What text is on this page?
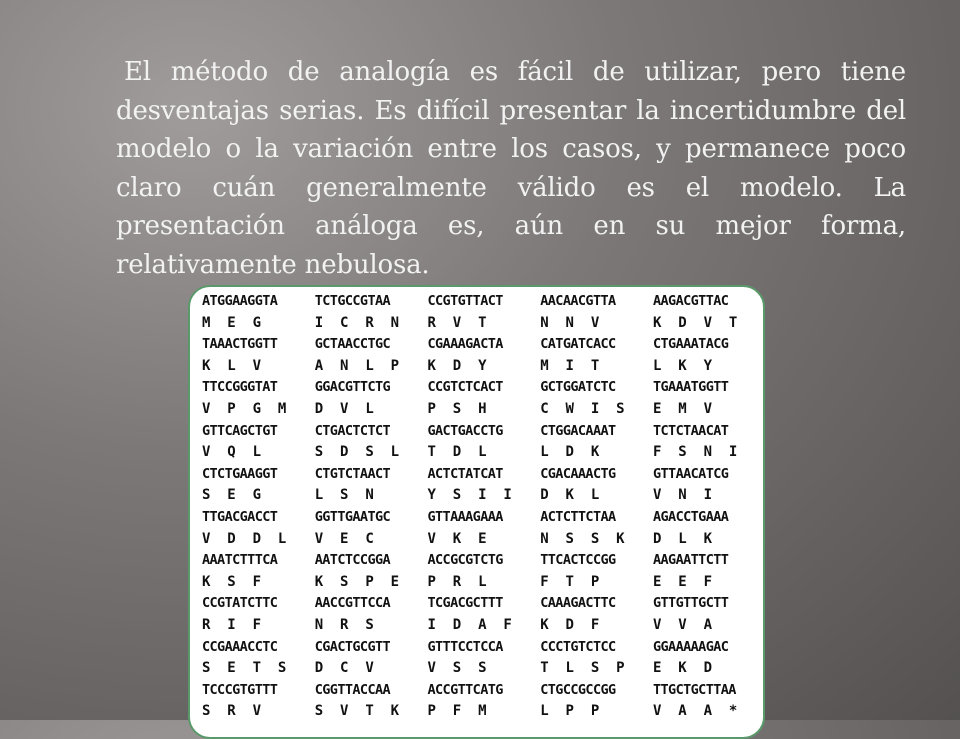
El método de analogía es fácil de utilizar, pero tiene desventajas serias. Es difícil presentar la incertidumbre del modelo o la variación entre los casos, y permanece poco claro cuán generalmente válido es el modelo. La presentación análoga es, aún en su mejor forma, relativamente nebulosa.
ATGGAAGGTA	TCTGCCGTAA	CCGTGTTACT	AACAACGTTA	AAGACGTTAC
M  E  G	I  C  R  N	R  V  T	N  N  V	K  D  V  T
TAAACTGGTT	GCTAACCTGC	CGAAAGACTA	CATGATCACC	CTGAAATACG
K  L  V	A  N  L  P	K  D  Y	M  I  T	L  K  Y
TTCCGGGTAT	GGACGTTCTG	CCGTCTCACT	GCTGGATCTC	TGAAATGGTT
V  P  G  M	D  V  L	P  S  H	C  W  I  S	E  M  V
GTTCAGCTGT	CTGACTCTCT	GACTGACCTG	CTGGACAAAT	TCTCTAACAT
V  Q  L	S  D  S  L	T  D  L	L  D  K	F  S  N  I
CTCTGAAGGT	CTGTCTAACT	ACTCTATCAT	CGACAAACTG	GTTAACATCG
S  E  G	L  S  N	Y  S  I  I	D  K  L	V  N  I
TTGACGACCT	GGTTGAATGC	GTTAAAGAAA	ACTCTTCTAA	AGACCTGAAA
V  D  D  L	V  E  C	V  K  E	N  S  S  K	D  L  K
AAATCTTTCA	AATCTCCGGA	ACCGCGTCTG	TTCACTCCGG	AAGAATTCTT
K  S  F	K  S  P  E	P  R  L	F  T  P	E  E  F
CCGTATCTTC	AACCGTTCCA	TCGACGCTTT	CAAAGACTTC	GTTGTTGCTT
R  I  F	N  R  S	I  D  A  F	K  D  F	V  V  A
CCGAAACCTC	CGACTGCGTT	GTTTCCTCCA	CCCTGTCTCC	GGAAAAAGAC
S  E  T  S	D  C  V	V  S  S	T  L  S  P	E  K  D
TCCCGTGTTT	CGGTTACCAA	ACCGTTCATG	CTGCCGCCGG	TTGCTGCTTAA
S  R  V	S  V  T  K	P  F  M	L  P  P	V  A  A  *
